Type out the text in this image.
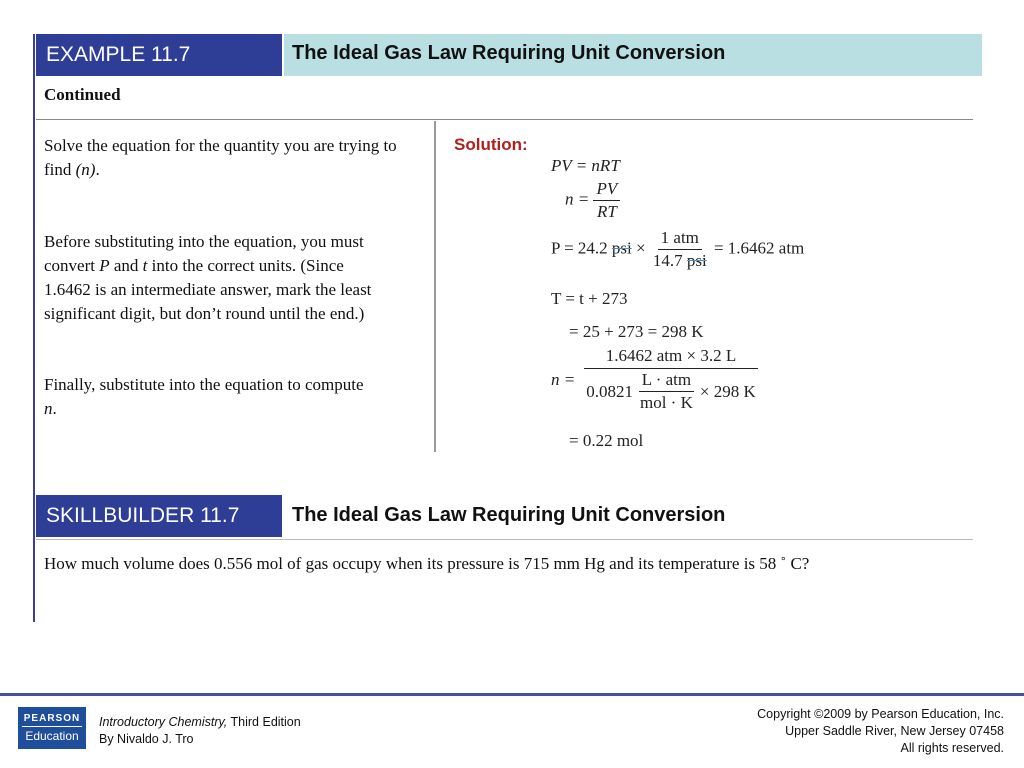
EXAMPLE 11.7	The Ideal Gas Law Requiring Unit Conversion
Continued
Solve the equation for the quantity you are trying to find (n).
Before substituting into the equation, you must convert P and t into the correct units. (Since 1.6462 is an intermediate answer, mark the least significant digit, but don’t round until the end.)
Finally, substitute into the equation to compute n.
Solution:
PV = nRT
$n = \frac{PV}{RT}$
P = 24.2 psi × $\frac{\text{1 atm}}{\text{14.7 psi}} = 1.6462$ atm
T = t + 273
= 25 + 273 = 298 K
n =
1.6462 atm × 3.2 L
$0.0821 \frac{\text{L · atm}}{\text{mol · K}} \times 298$ K
= 0.22 mol
SKILLBUILDER 11.7	The Ideal Gas Law Requiring Unit Conversion
How much volume does 0.556 mol of gas occupy when its pressure is 715 mm Hg and its temperature is 58 ˚ C?
PEARSON
Education
Introductory Chemistry, Third Edition
By Nivaldo J. Tro
Copyright ©2009 by Pearson Education, Inc.
Upper Saddle River, New Jersey 07458
All rights reserved.
